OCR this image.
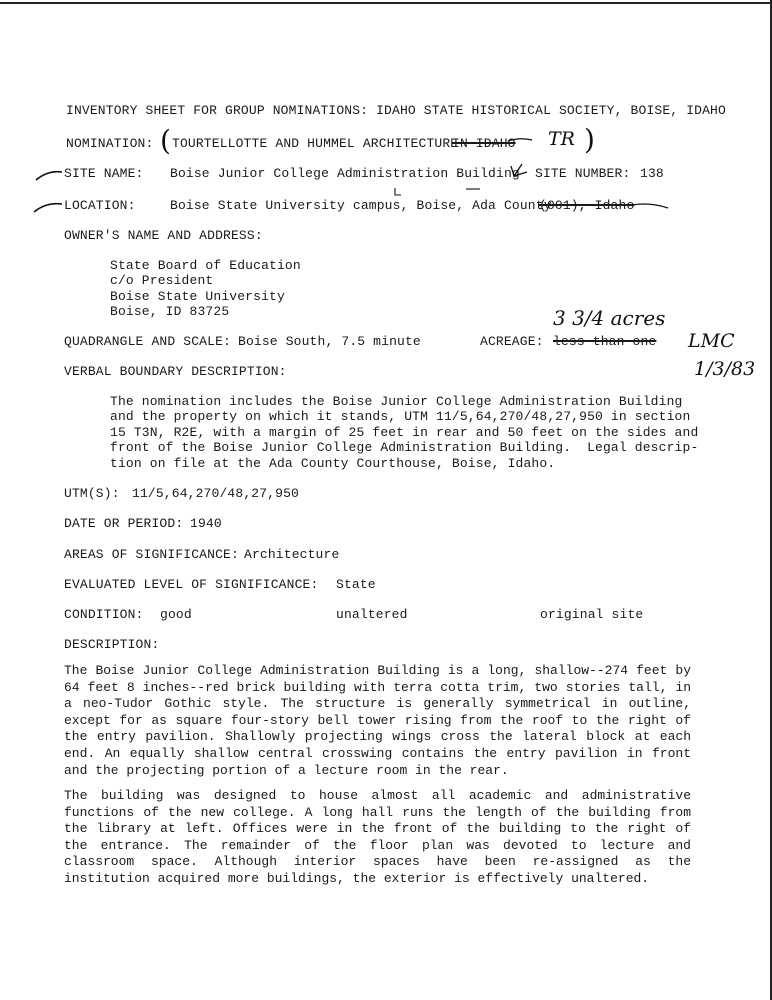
INVENTORY SHEET FOR GROUP NOMINATIONS: IDAHO STATE HISTORICAL SOCIETY, BOISE, IDAHO
NOMINATION: ( TOURTELLOTTE AND HUMMEL ARCHITECTURE
IN IDAHO TR )
SITE NAME: Boise Junior College Administration Building SITE NUMBER: 138
LOCATION:	Boise State University campus, Boise, Ada County
(001), Idaho
OWNER'S NAME AND ADDRESS:
State Board of Education
c/o President
Boise State University
Boise, ID 83725
QUADRANGLE AND SCALE: Boise South, 7.5 minute	ACREAGE: less than one
3 3/4 acres
LMC
1/3/83
VERBAL BOUNDARY DESCRIPTION:
The nomination includes the Boise Junior College Administration Building
and the property on which it stands, UTM 11/5,64,270/48,27,950 in section
15 T3N, R2E, with a margin of 25 feet in rear and 50 feet on the sides and
front of the Boise Junior College Administration Building.  Legal descrip-
tion on file at the Ada County Courthouse, Boise, Idaho.
UTM(S): 11/5,64,270/48,27,950
DATE OR PERIOD: 1940
AREAS OF SIGNIFICANCE: Architecture
EVALUATED LEVEL OF SIGNIFICANCE: State
CONDITION: good	unaltered	original site
DESCRIPTION:

The Boise Junior College Administration Building is a long, shallow--274 feet by 64 feet 8 inches--red brick building with terra cotta trim, two stories tall, in a neo-Tudor Gothic style. The structure is generally symmetrical in outline, except for as square four-story bell tower rising from the roof to the right of the entry pavilion. Shallowly projecting wings cross the lateral block at each end. An equally shallow central crosswing contains the entry pavilion in front and the projecting portion of a lecture room in the rear.

The building was designed to house almost all academic and administrative functions of the new college. A long hall runs the length of the building from the library at left. Offices were in the front of the building to the right of the entrance. The remainder of the floor plan was devoted to lecture and classroom space. Although interior spaces have been re-assigned as the institution acquired more buildings, the exterior is effectively unaltered.
